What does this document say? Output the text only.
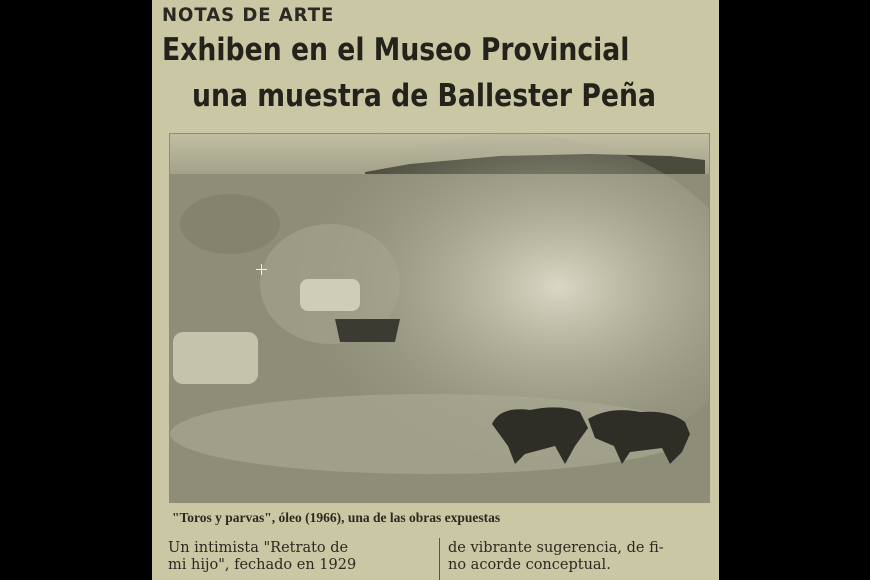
NOTAS DE ARTE
Exhiben en el Museo Provincial
una muestra de Ballester Peña
"Toros y parvas", óleo (1966), una de las obras expuestas
Un intimista "Retrato de
mi hijo", fechado en 1929
de vibrante sugerencia, de fi-
no acorde conceptual.
